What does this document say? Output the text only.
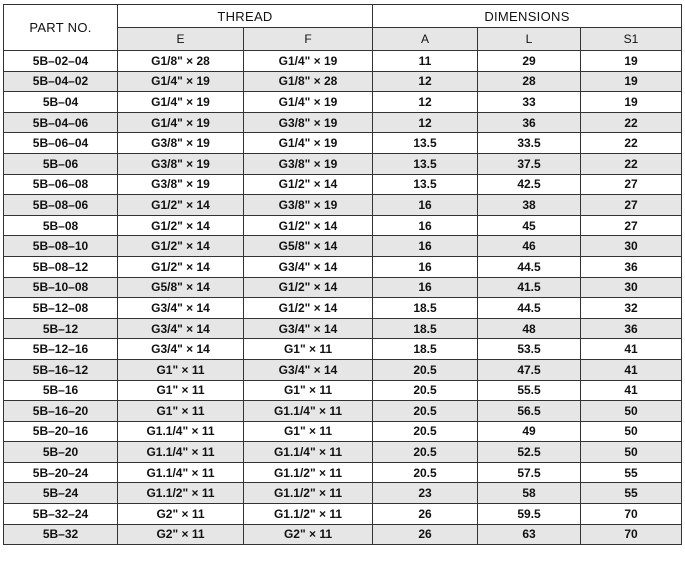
PART NO.	THREAD		DIMENSIONS		
	E	F	A	L	S1
5B–02–04	G1/8" × 28	G1/4" × 19	11	29	19
5B–04–02	G1/4" × 19	G1/8" × 28	12	28	19
5B–04	G1/4" × 19	G1/4" × 19	12	33	19
5B–04–06	G1/4" × 19	G3/8" × 19	12	36	22
5B–06–04	G3/8" × 19	G1/4" × 19	13.5	33.5	22
5B–06	G3/8" × 19	G3/8" × 19	13.5	37.5	22
5B–06–08	G3/8" × 19	G1/2" × 14	13.5	42.5	27
5B–08–06	G1/2" × 14	G3/8" × 19	16	38	27
5B–08	G1/2" × 14	G1/2" × 14	16	45	27
5B–08–10	G1/2" × 14	G5/8" × 14	16	46	30
5B–08–12	G1/2" × 14	G3/4" × 14	16	44.5	36
5B–10–08	G5/8" × 14	G1/2" × 14	16	41.5	30
5B–12–08	G3/4" × 14	G1/2" × 14	18.5	44.5	32
5B–12	G3/4" × 14	G3/4" × 14	18.5	48	36
5B–12–16	G3/4" × 14	G1" × 11	18.5	53.5	41
5B–16–12	G1" × 11	G3/4" × 14	20.5	47.5	41
5B–16	G1" × 11	G1" × 11	20.5	55.5	41
5B–16–20	G1" × 11	G1.1/4" × 11	20.5	56.5	50
5B–20–16	G1.1/4" × 11	G1" × 11	20.5	49	50
5B–20	G1.1/4" × 11	G1.1/4" × 11	20.5	52.5	50
5B–20–24	G1.1/4" × 11	G1.1/2" × 11	20.5	57.5	55
5B–24	G1.1/2" × 11	G1.1/2" × 11	23	58	55
5B–32–24	G2" × 11	G1.1/2" × 11	26	59.5	70
5B–32	G2" × 11	G2" × 11	26	63	70
